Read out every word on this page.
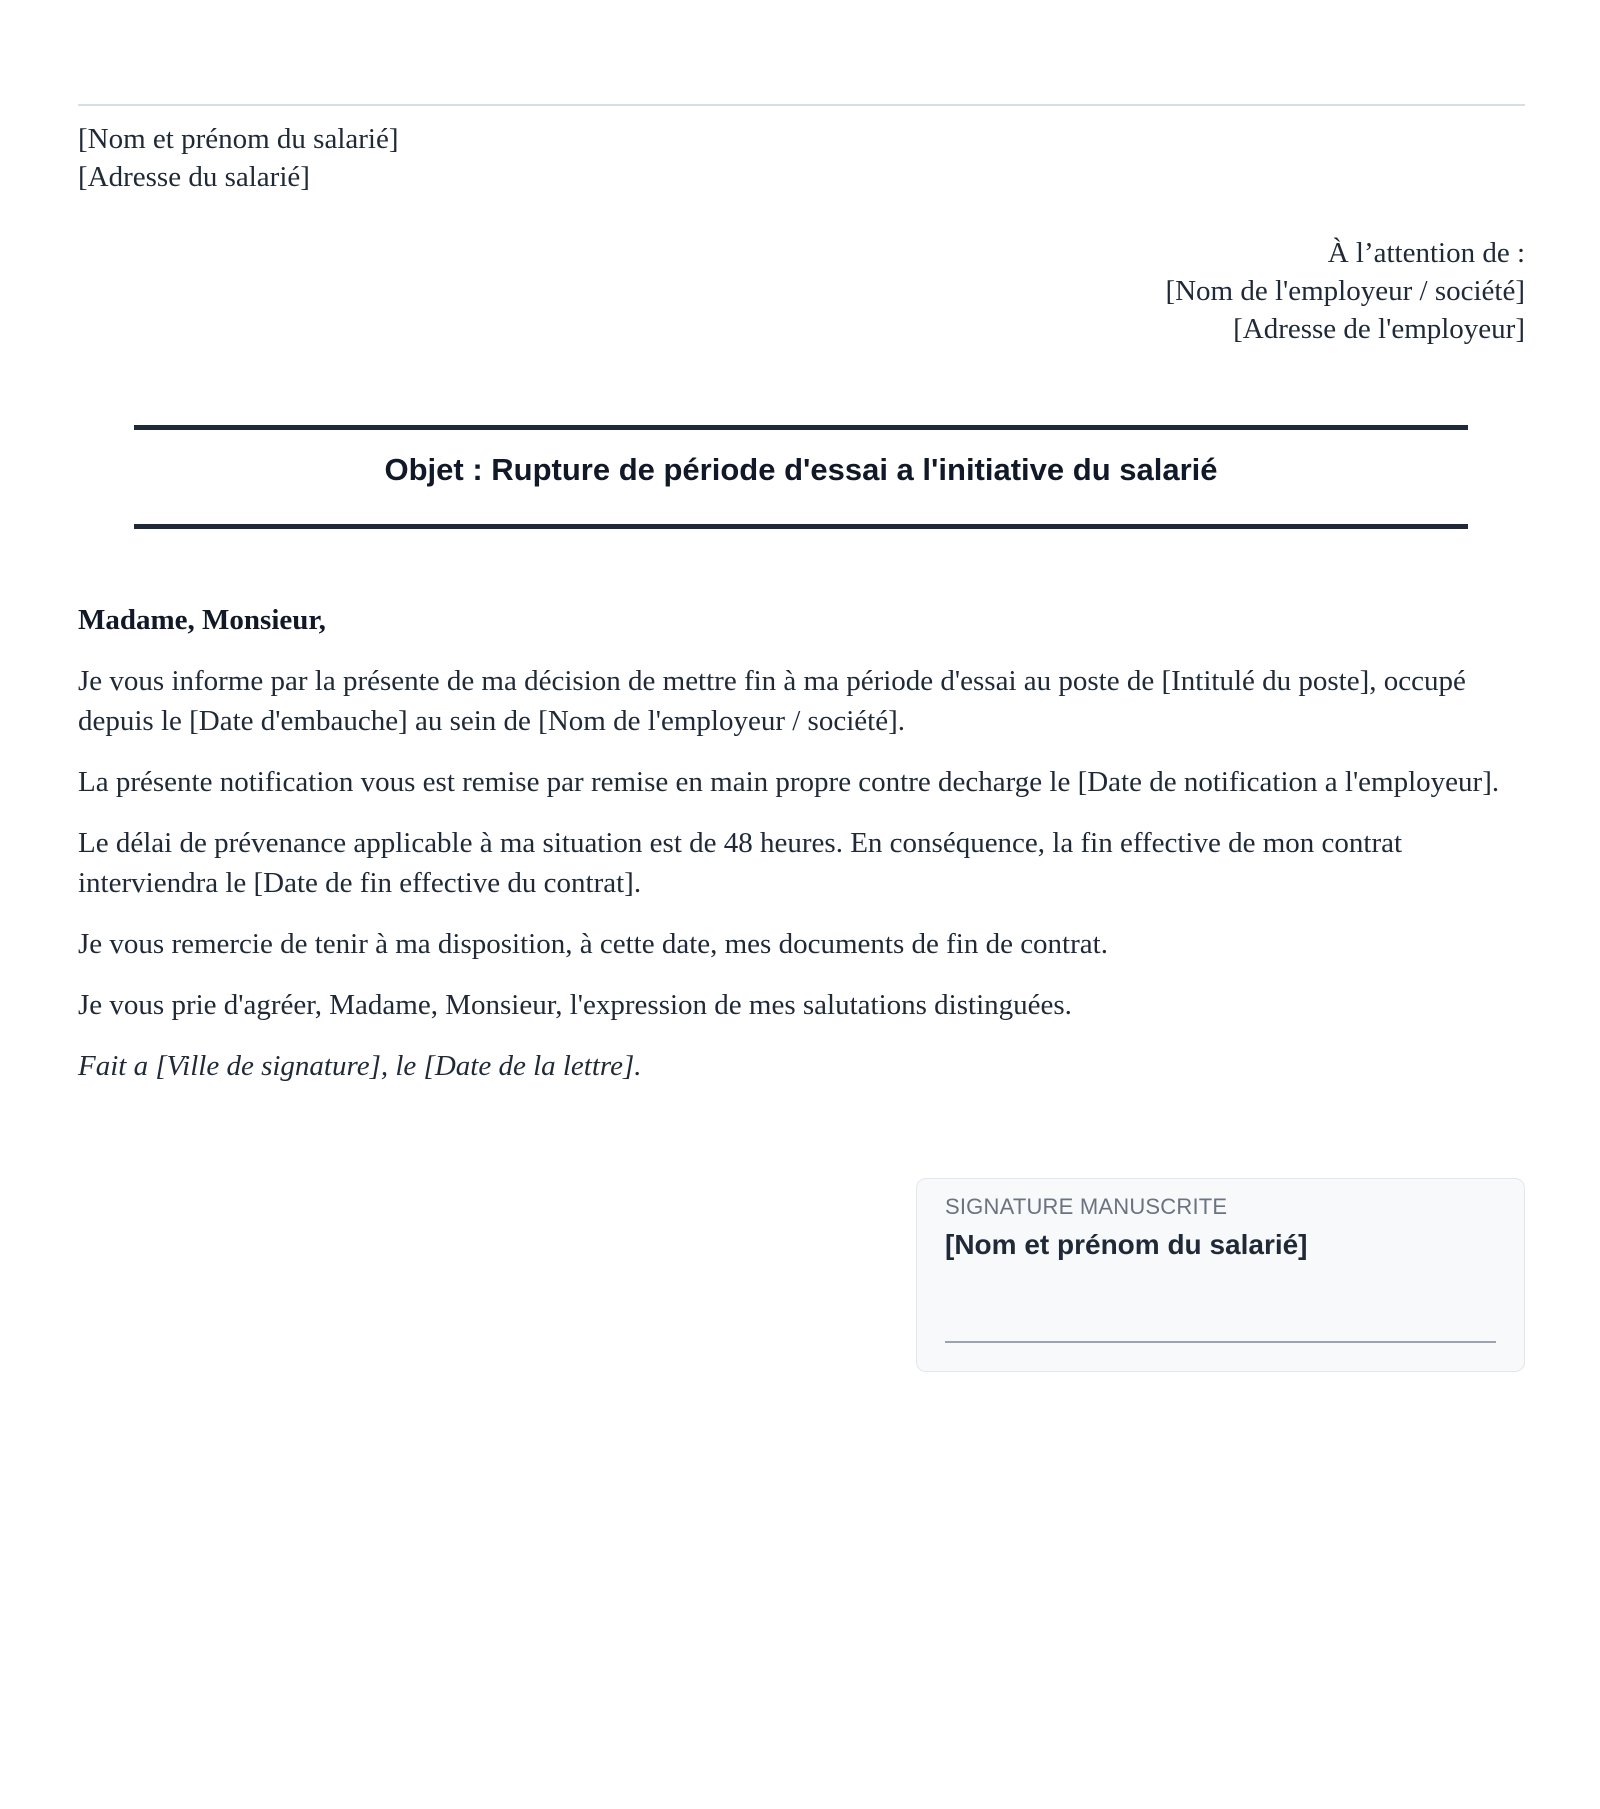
[Nom et prénom du salarié]
[Adresse du salarié]
À l’attention de :
[Nom de l'employeur / société]
[Adresse de l'employeur]
Objet : Rupture de période d'essai a l'initiative du salarié

Madame, Monsieur,

Je vous informe par la présente de ma décision de mettre fin à ma période d'essai au poste de [Intitulé du poste], occupé depuis le [Date d'embauche] au sein de [Nom de l'employeur / société].

La présente notification vous est remise par remise en main propre contre decharge le [Date de notification a l'employeur].

Le délai de prévenance applicable à ma situation est de 48 heures. En conséquence, la fin effective de mon contrat interviendra le [Date de fin effective du contrat].

Je vous remercie de tenir à ma disposition, à cette date, mes documents de fin de contrat.

Je vous prie d'agréer, Madame, Monsieur, l'expression de mes salutations distinguées.

Fait a [Ville de signature], le [Date de la lettre].

SIGNATURE MANUSCRITE
[Nom et prénom du salarié]
